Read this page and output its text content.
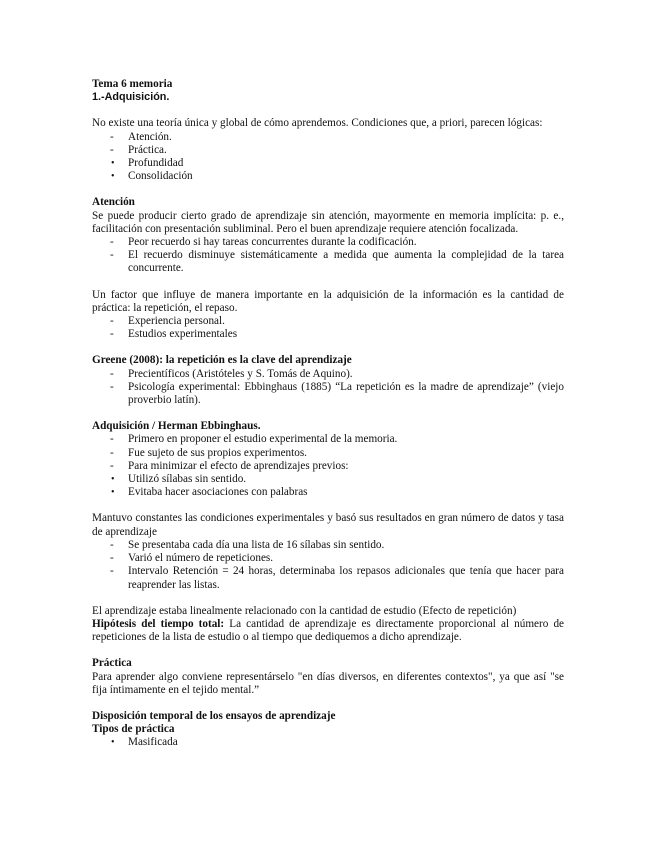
Tema 6 memoria

1.-Adquisición.

No existe una teoría única y global de cómo aprendemos. Condiciones que, a priori, parecen lógicas:

- Atención.
- Práctica.
• Profundidad
• Consolidación

Atención

Se puede producir cierto grado de aprendizaje sin atención, mayormente en memoria implícita: p. e., facilitación con presentación subliminal. Pero el buen aprendizaje requiere atención focalizada.

- Peor recuerdo si hay tareas concurrentes durante la codificación.
- El recuerdo disminuye sistemáticamente a medida que aumenta la complejidad de la tarea concurrente.

Un factor que influye de manera importante en la adquisición de la información es la cantidad de práctica: la repetición, el repaso.

- Experiencia personal.
- Estudios experimentales

Greene (2008): la repetición es la clave del aprendizaje

- Precientíficos (Aristóteles y S. Tomás de Aquino).
- Psicología experimental: Ebbinghaus (1885) “La repetición es la madre de aprendizaje” (viejo proverbio latín).

Adquisición / Herman Ebbinghaus.

- Primero en proponer el estudio experimental de la memoria.
- Fue sujeto de sus propios experimentos.
- Para minimizar el efecto de aprendizajes previos:
• Utilizó sílabas sin sentido.
• Evitaba hacer asociaciones con palabras

Mantuvo constantes las condiciones experimentales y basó sus resultados en gran número de datos y tasa de aprendizaje

- Se presentaba cada día una lista de 16 sílabas sin sentido.
- Varió el número de repeticiones.
- Intervalo Retención = 24 horas, determinaba los repasos adicionales que tenía que hacer para reaprender las listas.

El aprendizaje estaba linealmente relacionado con la cantidad de estudio (Efecto de repetición)

Hipótesis del tiempo total: La cantidad de aprendizaje es directamente proporcional al número de repeticiones de la lista de estudio o al tiempo que dediquemos a dicho aprendizaje.

Práctica

Para aprender algo conviene representárselo "en días diversos, en diferentes contextos", ya que así "se fija íntimamente en el tejido mental.”

Disposición temporal de los ensayos de aprendizaje

Tipos de práctica

• Masificada
